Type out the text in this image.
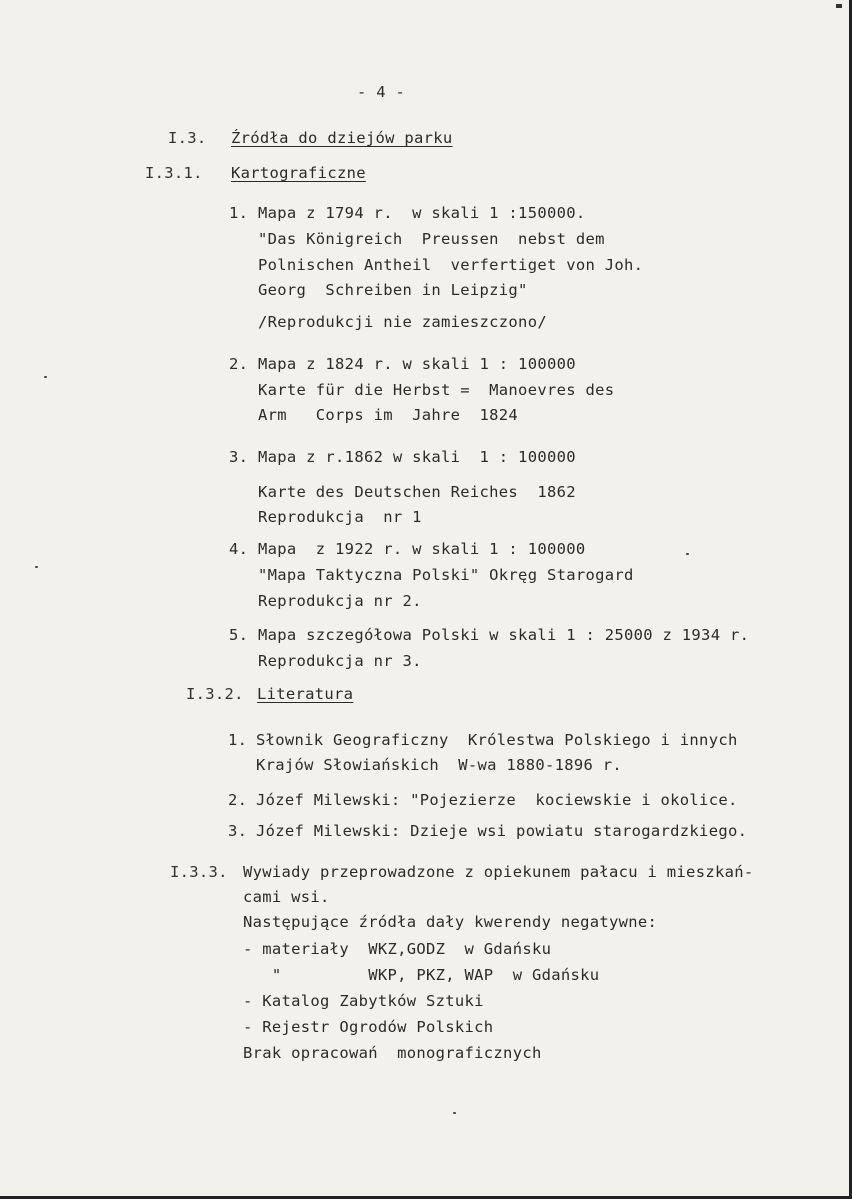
- 4 -
I.3. Źródła do dziejów parku
I.3.1. Kartograficzne
1. Mapa z 1794 r.  w skali 1 :150000.
"Das Königreich  Preussen  nebst dem
Polnischen Antheil  verfertiget von Joh.
Georg  Schreiben in Leipzig"
/Reprodukcji nie zamieszczono/
2. Mapa z 1824 r. w skali 1 : 100000
Karte für die Herbst =  Manoevres des
Arm   Corps im  Jahre  1824
3. Mapa z r.1862 w skali  1 : 100000
Karte des Deutschen Reiches  1862
Reprodukcja  nr 1
4. Mapa  z 1922 r. w skali 1 : 100000
"Mapa Taktyczna Polski" Okręg Starogard
Reprodukcja nr 2.
5. Mapa szczegółowa Polski w skali 1 : 25000 z 1934 r.
Reprodukcja nr 3.
I.3.2. Literatura
1. Słownik Geograficzny  Królestwa Polskiego i innych
Krajów Słowiańskich  W-wa 1880-1896 r.
2. Józef Milewski: "Pojezierze  kociewskie i okolice.
3. Józef Milewski: Dzieje wsi powiatu starogardzkiego.
I.3.3. Wywiady przeprowadzone z opiekunem pałacu i mieszkań-
cami wsi.
Następujące źródła dały kwerendy negatywne:
- materiały  WKZ,GODZ  w Gdańsku
"         WKP, PKZ, WAP  w Gdańsku
- Katalog Zabytków Sztuki
- Rejestr Ogrodów Polskich
Brak opracowań  monograficznych
